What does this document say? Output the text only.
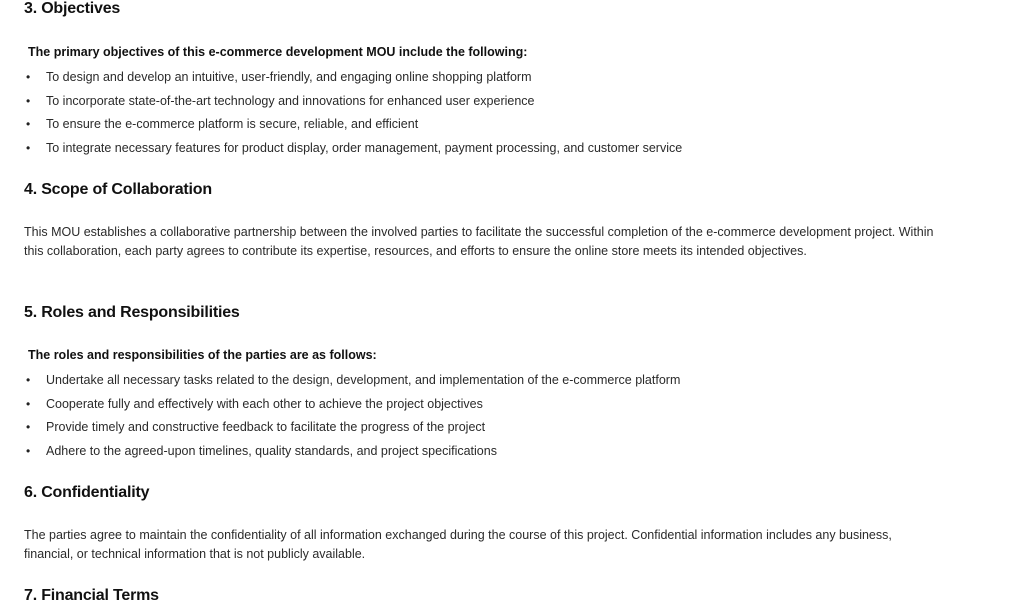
3. Objectives

The primary objectives of this e-commerce development MOU include the following:

• To design and develop an intuitive, user-friendly, and engaging online shopping platform
• To incorporate state-of-the-art technology and innovations for enhanced user experience
• To ensure the e-commerce platform is secure, reliable, and efficient
• To integrate necessary features for product display, order management, payment processing, and customer service
4. Scope of Collaboration

This MOU establishes a collaborative partnership between the involved parties to facilitate the successful completion of the e-commerce development project. Within this collaboration, each party agrees to contribute its expertise, resources, and efforts to ensure the online store meets its intended objectives.

5. Roles and Responsibilities

The roles and responsibilities of the parties are as follows:

• Undertake all necessary tasks related to the design, development, and implementation of the e-commerce platform
• Cooperate fully and effectively with each other to achieve the project objectives
• Provide timely and constructive feedback to facilitate the progress of the project
• Adhere to the agreed-upon timelines, quality standards, and project specifications
6. Confidentiality

The parties agree to maintain the confidentiality of all information exchanged during the course of this project. Confidential information includes any business, financial, or technical information that is not publicly available.

7. Financial Terms
